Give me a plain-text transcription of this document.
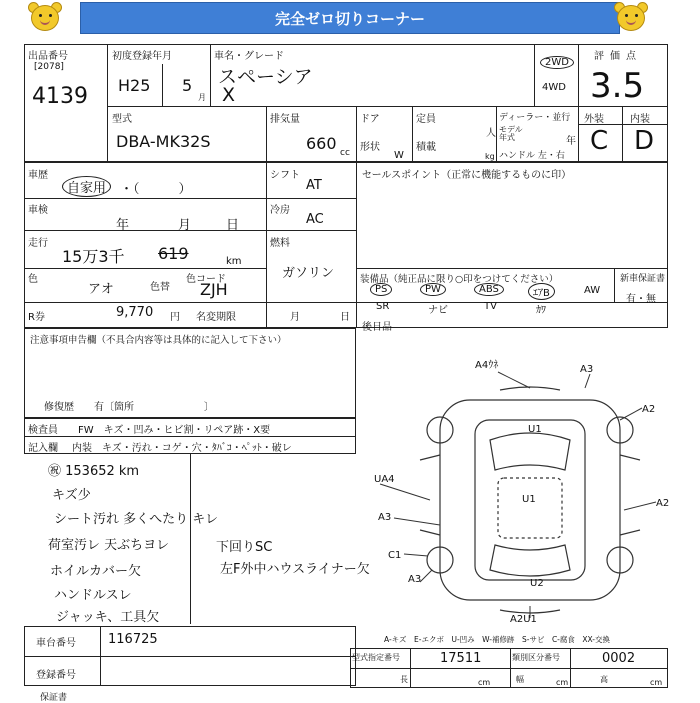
完全ゼロ切りコーナー
出品番号
[2078]
4139
初度登録年月
H25 5
月
車名・グレード
スペーシア
X
2WD
4WD
評価点
3.5
型式
DBA-MK32S
排気量
660 cc
ドア
形状
W
定員
人
積載
kg
ディーラー・並行
モデル年式	年
ハンドル 左・右
外装	内装
C D
車歴
自家用	・（　　　）
シフト
AT
冷房
AC
車検
年	月	日
走行
15万3千 619	km
燃料
ガソリン
色
アオ	色替
色コード
ZJH
R券	9,770 円 名変期限	月	日
セールスポイント（正常に機能するものに印）
装備品（純正品に限り○印をつけてください）	新車保証書
有・無
後日品
PS	PW	ABS	ｴｱB	AW
SR	ナビ	TV	ｶﾜ
注意事項申告欄（不具合内容等は具体的に記入して下さい）
修復歴　　有〔箇所　　　　　　　〕
検査員
記入欄
FW　キズ・凹み・ヒビ割・リペア跡・X要
内装　キズ・汚れ・コゲ・穴・ﾀﾊﾞｺ・ﾍﾟｯﾄ・破レ
㊗ 153652 km
キズ少
シート汚れ 多くへたり キレ
荷室汚レ 天ぶちヨレ
ホイルカバー欠
ハンドルスレ
ジャッキ、工具欠
下回りSC
左F外中ハウスライナー欠
A4ｳﾈ	A3
A2
U1
U1
UA4
A3
A2
C1
A3	U2
A2U1
A-キズ　E-エクボ　U-凹み　W-補修跡　S-サビ　C-腐食　XX-交換
車台番号 116725
登録番号
型式指定番号	17511	類別区分番号	0002
長	cm	幅	cm	高	cm
保証書
